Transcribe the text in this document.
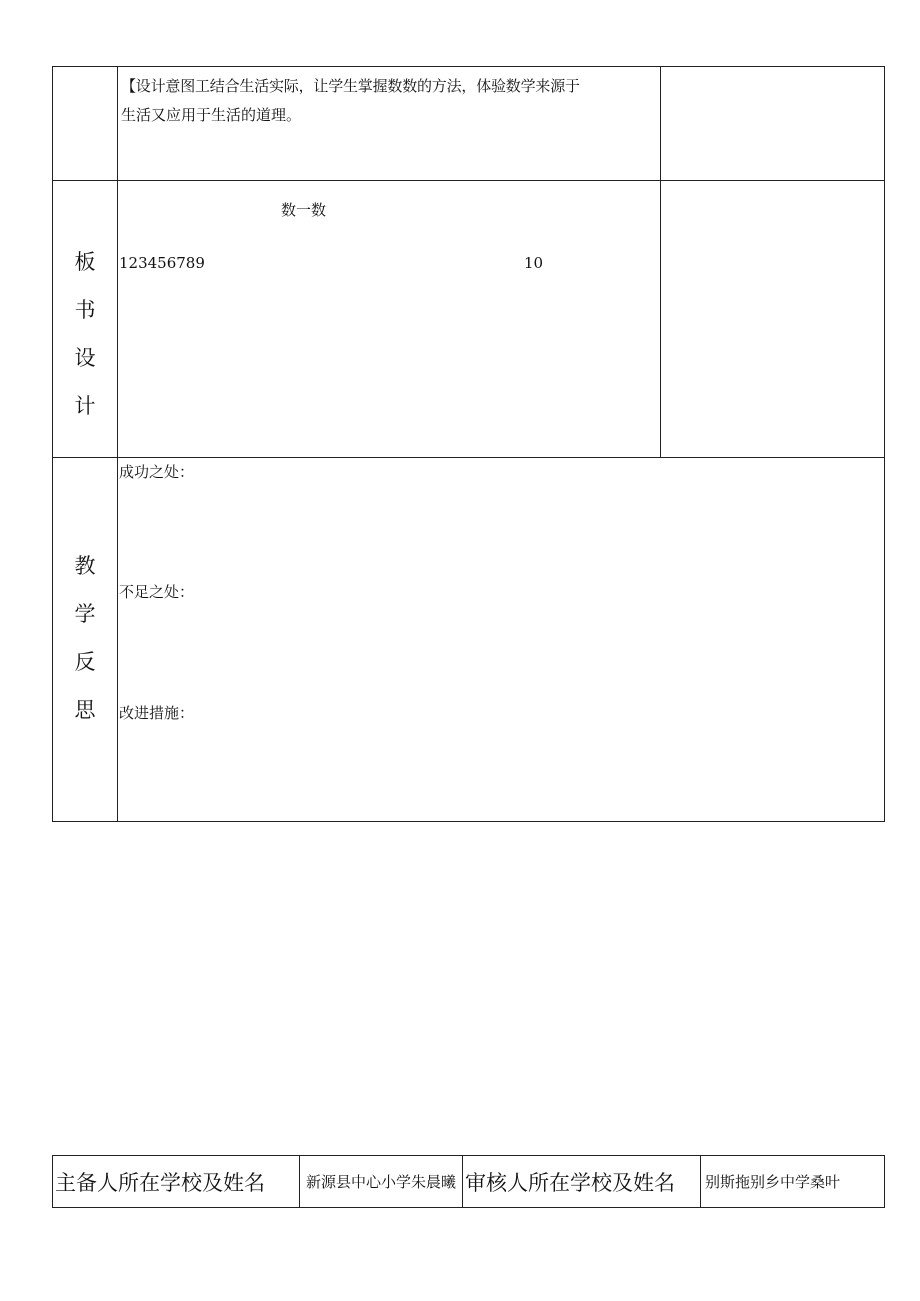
【设计意图工结合生活实际，让学生掌握数数的方法，体验数学来源于
生活又应用于生活的道理。
板
书
设
计
数一数
123456789	10
教
学
反
思
成功之处：
不足之处：
改进措施：
主备人所在学校及姓名	新源县中心小学朱晨曦 审核人所在学校及姓名	别斯拖别乡中学桑叶
